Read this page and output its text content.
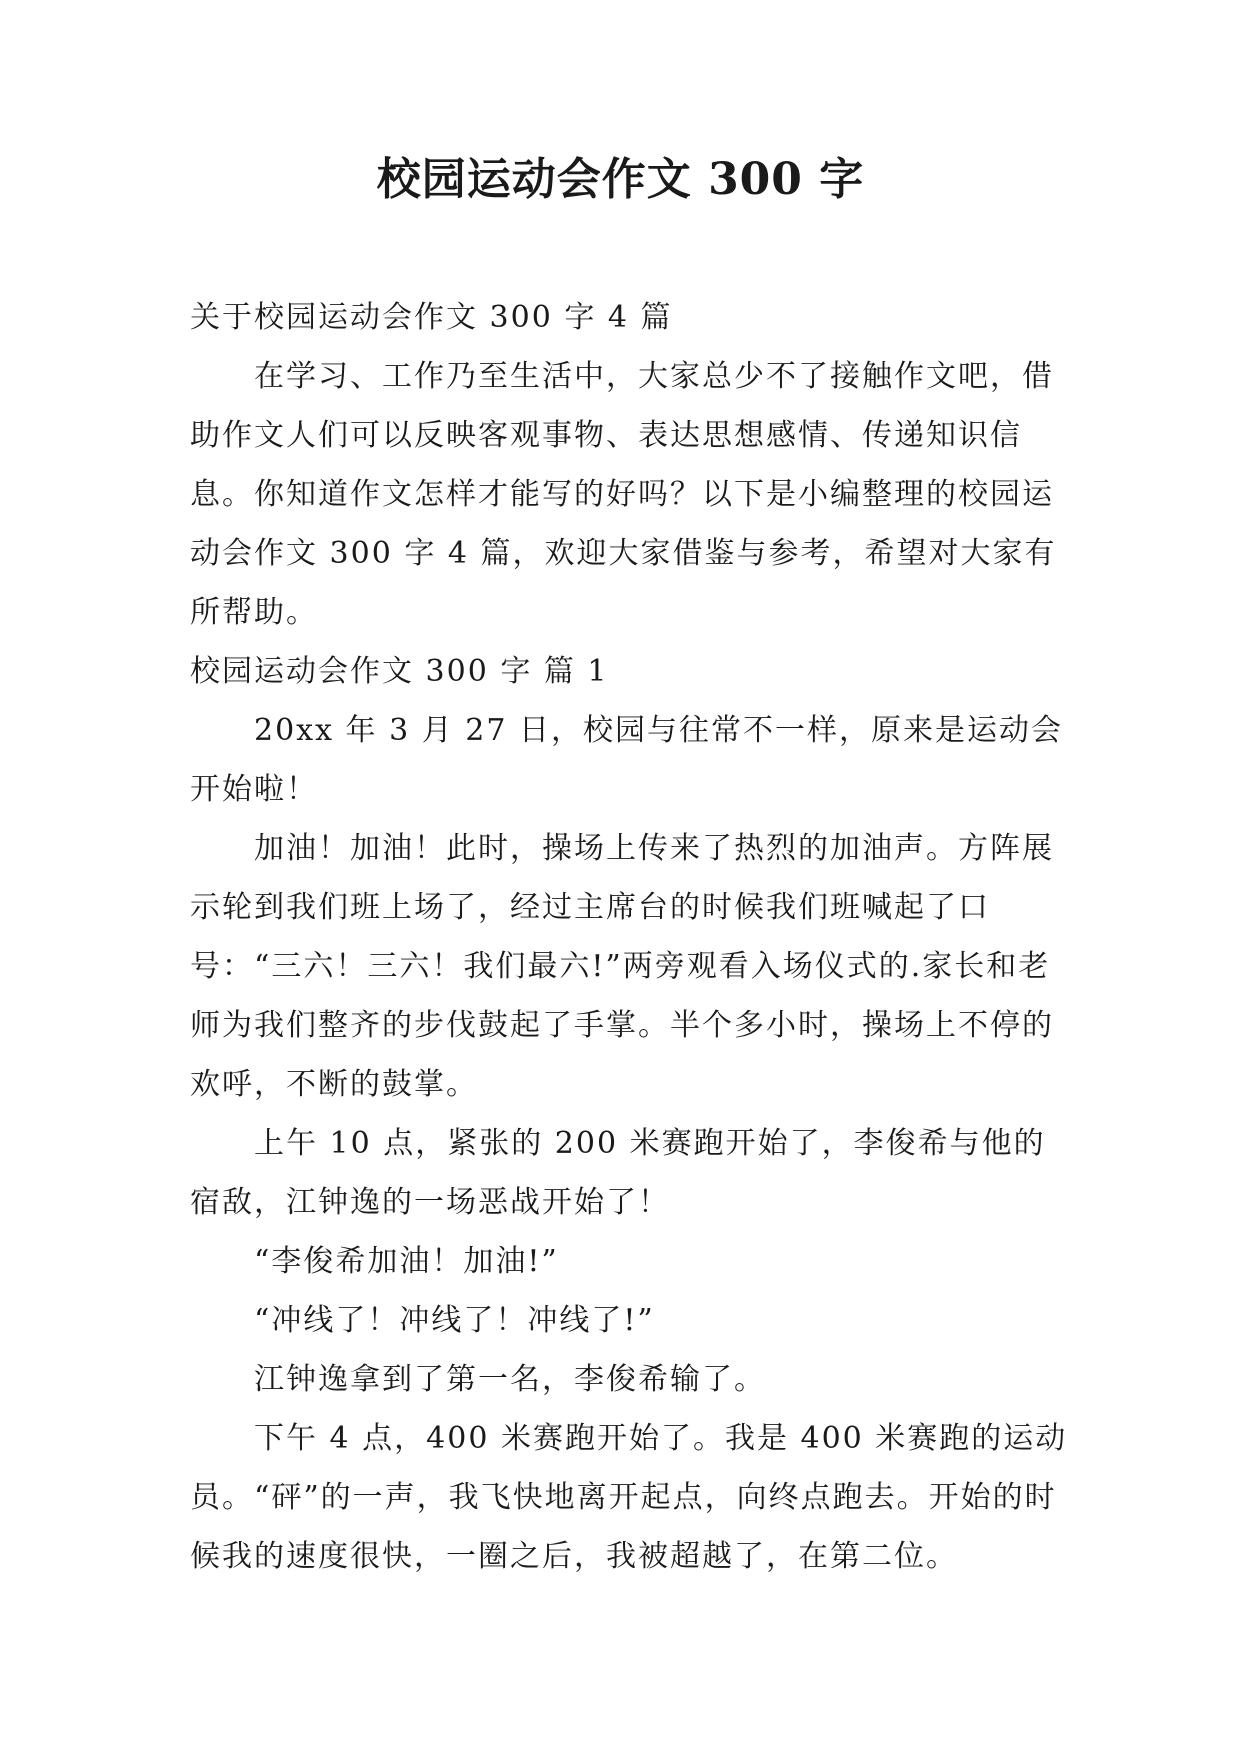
校园运动会作文 300 字

关于校园运动会作文 300 字 4 篇

在学习、工作乃至生活中，大家总少不了接触作文吧，借助作文人们可以反映客观事物、表达思想感情、传递知识信息。你知道作文怎样才能写的好吗？以下是小编整理的校园运动会作文 300 字 4 篇，欢迎大家借鉴与参考，希望对大家有所帮助。

校园运动会作文 300 字 篇 1

20xx 年 3 月 27 日，校园与往常不一样，原来是运动会开始啦！

加油！加油！此时，操场上传来了热烈的加油声。方阵展示轮到我们班上场了，经过主席台的时候我们班喊起了口号：“三六！三六！我们最六!”两旁观看入场仪式的.家长和老师为我们整齐的步伐鼓起了手掌。半个多小时，操场上不停的欢呼，不断的鼓掌。

上午 10 点，紧张的 200 米赛跑开始了，李俊希与他的宿敌，江钟逸的一场恶战开始了！

“李俊希加油！加油!”

“冲线了！冲线了！冲线了!”

江钟逸拿到了第一名，李俊希输了。

下午 4 点，400 米赛跑开始了。我是 400 米赛跑的运动员。“砰”的一声，我飞快地离开起点，向终点跑去。开始的时候我的速度很快，一圈之后，我被超越了，在第二位。
